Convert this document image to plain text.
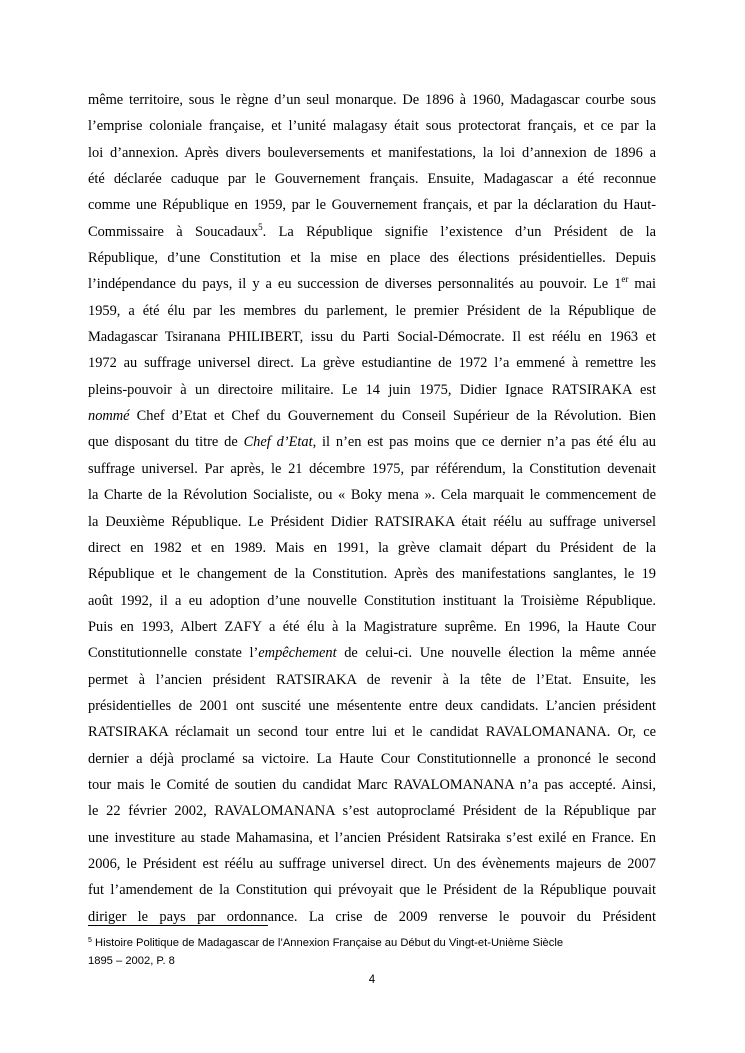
même territoire, sous le règne d’un seul monarque. De 1896 à 1960, Madagascar courbe sous
l’emprise coloniale française, et l’unité malagasy était sous protectorat français, et ce par la
loi d’annexion. Après divers bouleversements et manifestations, la loi d’annexion de 1896 a
été déclarée caduque par le Gouvernement français. Ensuite, Madagascar a été reconnue
comme une République en 1959, par le Gouvernement français, et par la déclaration du Haut-
Commissaire à Soucadaux$^5$. La République signifie l’existence d’un Président de la
République, d’une Constitution et la mise en place des élections présidentielles. Depuis
l’indépendance du pays, il y a eu succession de diverses personnalités au pouvoir. Le 1er mai
1959, a été élu par les membres du parlement, le premier Président de la République de
Madagascar Tsiranana PHILIBERT, issu du Parti Social-Démocrate. Il est réélu en 1963 et
1972 au suffrage universel direct. La grève estudiantine de 1972 l’a emmené à remettre les
pleins-pouvoir à un directoire militaire. Le 14 juin 1975, Didier Ignace RATSIRAKA est
nommé Chef d’Etat et Chef du Gouvernement du Conseil Supérieur de la Révolution. Bien
que disposant du titre de Chef d’Etat, il n’en est pas moins que ce dernier n’a pas été élu au
suffrage universel. Par après, le 21 décembre 1975, par référendum, la Constitution devenait
la Charte de la Révolution Socialiste, ou « Boky mena ». Cela marquait le commencement de
la Deuxième République. Le Président Didier RATSIRAKA était réélu au suffrage universel
direct en 1982 et en 1989. Mais en 1991, la grève clamait départ du Président de la
République et le changement de la Constitution. Après des manifestations sanglantes, le 19
août 1992, il a eu adoption d’une nouvelle Constitution instituant la Troisième République.
Puis en 1993, Albert ZAFY a été élu à la Magistrature suprême. En 1996, la Haute Cour
Constitutionnelle constate l’empêchement de celui-ci. Une nouvelle élection la même année
permet à l’ancien président RATSIRAKA de revenir à la tête de l’Etat. Ensuite, les
présidentielles de 2001 ont suscité une mésentente entre deux candidats. L’ancien président
RATSIRAKA réclamait un second tour entre lui et le candidat RAVALOMANANA. Or, ce
dernier a déjà proclamé sa victoire. La Haute Cour Constitutionnelle a prononcé le second
tour mais le Comité de soutien du candidat Marc RAVALOMANANA n’a pas accepté. Ainsi,
le 22 février 2002, RAVALOMANANA s’est autoproclamé Président de la République par
une investiture au stade Mahamasina, et l’ancien Président Ratsiraka s’est exilé en France. En
2006, le Président est réélu au suffrage universel direct. Un des évènements majeurs de 2007
fut l’amendement de la Constitution qui prévoyait que le Président de la République pouvait
diriger le pays par ordonnance. La crise de 2009 renverse le pouvoir du Président
$^5$ Histoire Politique de Madagascar de l’Annexion Française au Début du Vingt-et-Unième Siècle
1895 – 2002, P. 8
4
